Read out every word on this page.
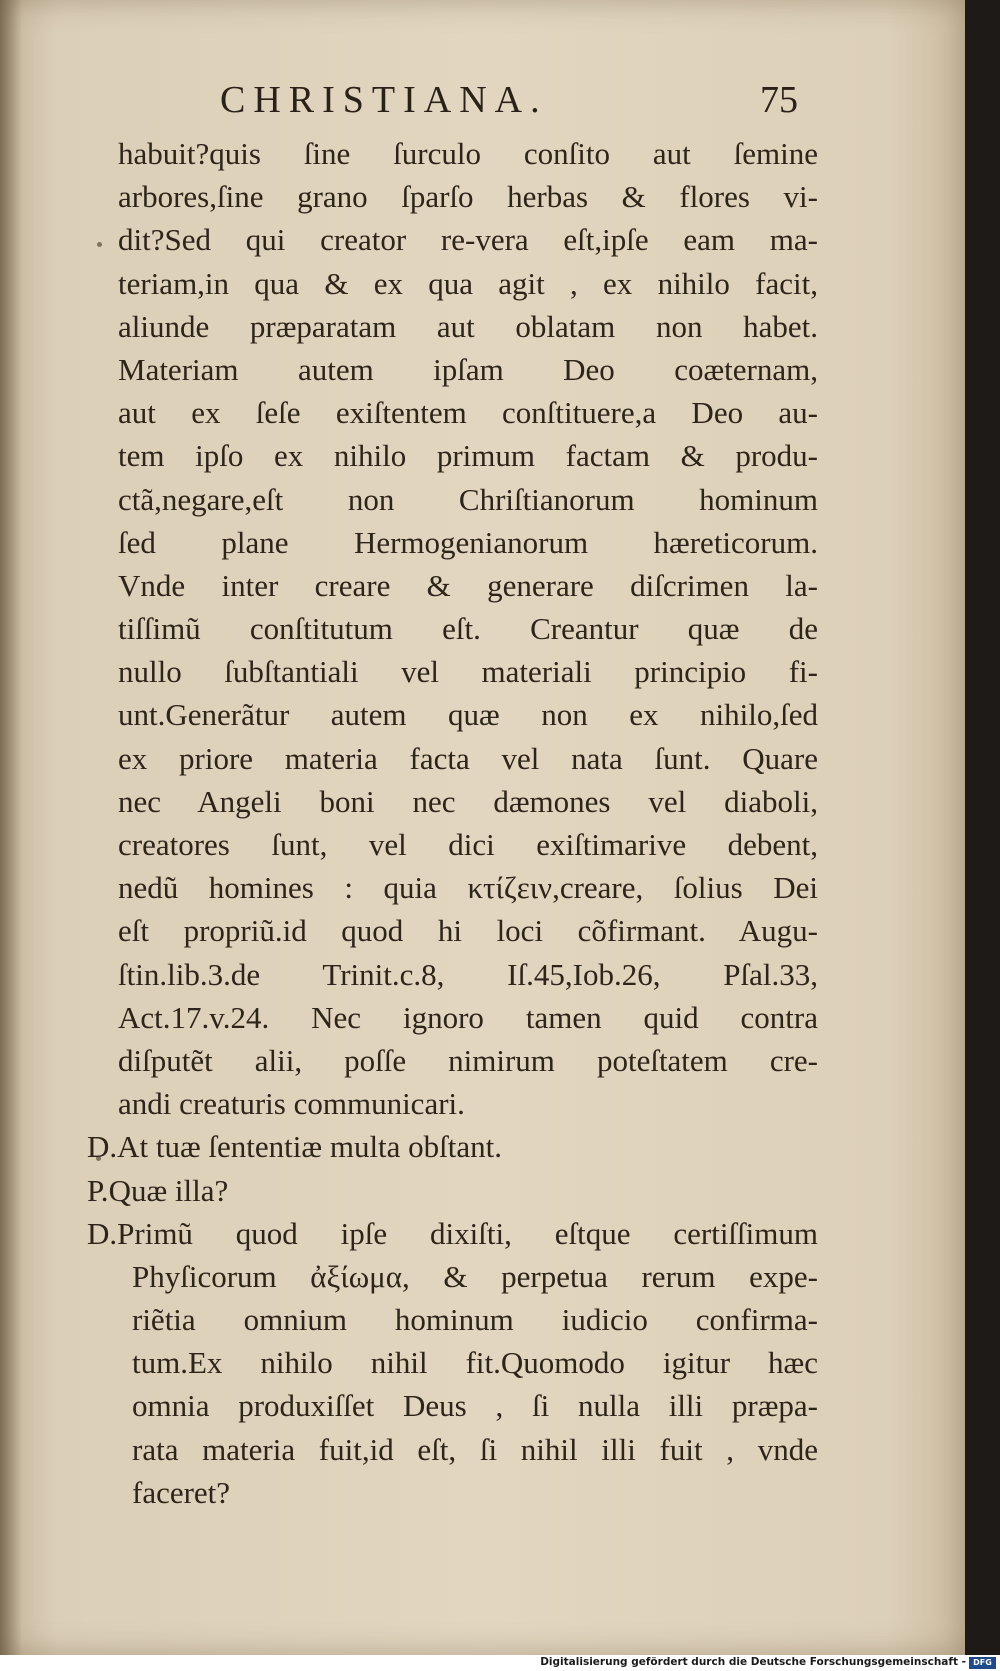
CHRISTIANA.	75
habuit?quis ſine ſurculo conſito aut ſemine
arbores,ſine grano ſparſo herbas & flores vi-
dit?Sed qui creator re-vera eſt,ipſe eam ma-
teriam,in qua & ex qua agit , ex nihilo facit,
aliunde præparatam aut oblatam non habet.
Materiam autem ipſam Deo coæternam,
aut ex ſeſe exiſtentem conſtituere,a Deo au-
tem ipſo ex nihilo primum factam & produ-
ctã,negare,eſt non Chriſtianorum hominum
ſed plane Hermogenianorum hæreticorum.
Vnde inter creare & generare diſcrimen la-
tiſſimũ conſtitutum eſt. Creantur quæ de
nullo ſubſtantiali vel materiali principio fi-
unt.Generãtur autem quæ non ex nihilo,ſed
ex priore materia facta vel nata ſunt. Quare
nec Angeli boni nec dæmones vel diaboli,
creatores ſunt, vel dici exiſtimarive debent,
nedũ homines : quia κτίζειν,creare, ſolius Dei
eſt propriũ.id quod hi loci cõfirmant. Augu-
ſtin.lib.3.de Trinit.c.8, Iſ.45,Iob.26, Pſal.33,
Act.17.v.24. Nec ignoro tamen quid contra
diſputẽt alii, poſſe nimirum poteſtatem cre-
andi creaturis communicari.
D.At tuæ ſententiæ multa obſtant.
P.Quæ illa?
D.Primũ quod ipſe dixiſti, eſtque certiſſimum
Phyſicorum ἀξίωμα, & perpetua rerum expe-
riẽtia omnium hominum iudicio confirma-
tum.Ex nihilo nihil fit.Quomodo igitur hæc
omnia produxiſſet Deus , ſi nulla illi præpa-
rata materia fuit,id eſt, ſi nihil illi fuit , vnde
faceret?
Digitalisierung gefördert durch die Deutsche Forschungsgemeinschaft - DFG
